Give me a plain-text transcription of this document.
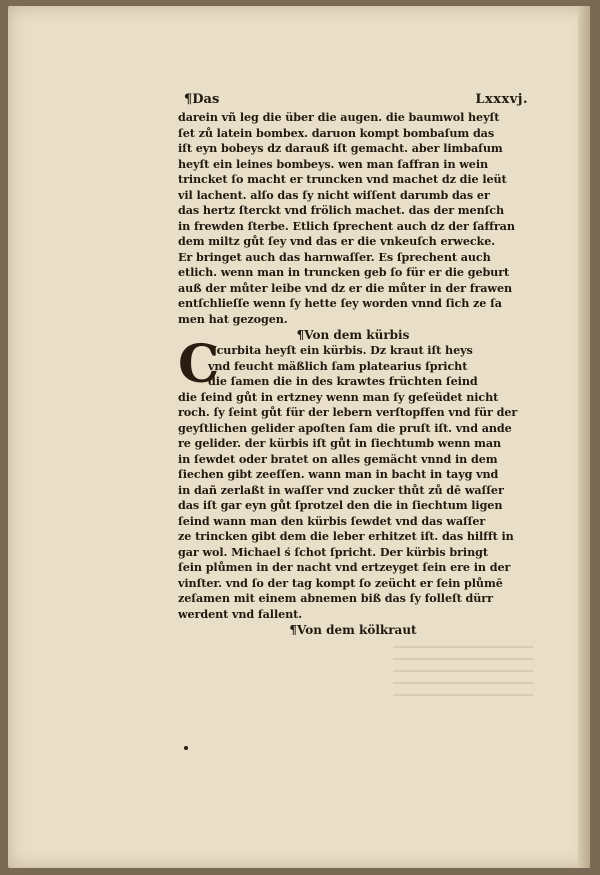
¶Das	Lxxxvj.
darein vñ leg die über die augen. die baumwol heyſt
ſet zů latein bombex. daruon kompt bombaſum das
iſt eyn bobeys dz darauß iſt gemacht. aber limbaſum
heyſt ein leines bombeys. wen man ſaffran in wein
trincket ſo macht er truncken vnd machet dz die leüt
vil lachent. alſo das ſy nicht wiſſent darumb das er
das hertz ſterckt vnd frölich machet. das der menſch
in frewden ſterbe. Etlich ſprechent auch dz der ſaffran
dem miltz gůt ſey vnd das er die vnkeuſch erwecke.
Er bringet auch das harnwaſſer. Es ſprechent auch
etlich. wenn man in truncken geb ſo für er die geburt
auß der můter leibe vnd dz er die můter in der frawen
entſchlieſſe wenn ſy hette ſey worden vnnd ſich ze ſa
men hat gezogen.
¶Von dem kürbis
C
Vcurbita heyſt ein kürbis. Dz kraut iſt heys
vnd feucht mäßlich ſam platearius ſpricht
die ſamen die in des krawtes früchten ſeind
die ſeind gůt in ertzney wenn man ſy geſeüdet nicht
roch. ſy ſeint gůt für der lebern verſtopffen vnd für der
geyſtlichen gelider apoſten ſam die pruſt iſt. vnd ande
re gelider. der kürbis iſt gůt in ſiechtumb wenn man
in ſewdet oder bratet on alles gemächt vnnd in dem
ſiechen gibt zeeſſen. wann man in bacht in tayg vnd
in dañ zerlaßt in waſſer vnd zucker thůt zů dē waſſer
das iſt gar eyn gůt ſprotzel den die in ſiechtum ligen
ſeind wann man den kürbis ſewdet vnd das waſſer
ze trincken gibt dem die leber erhitzet iſt. das hilfft in
gar wol. Michael ś ſchot ſpricht. Der kürbis bringt
ſein plůmen in der nacht vnd ertzeyget ſein ere in der
vinſter. vnd ſo der tag kompt ſo zeücht er ſein plůmē
zeſamen mit einem abnemen biß das ſy folleſt dürr
werdent vnd fallent.
¶Von dem kölkraut
